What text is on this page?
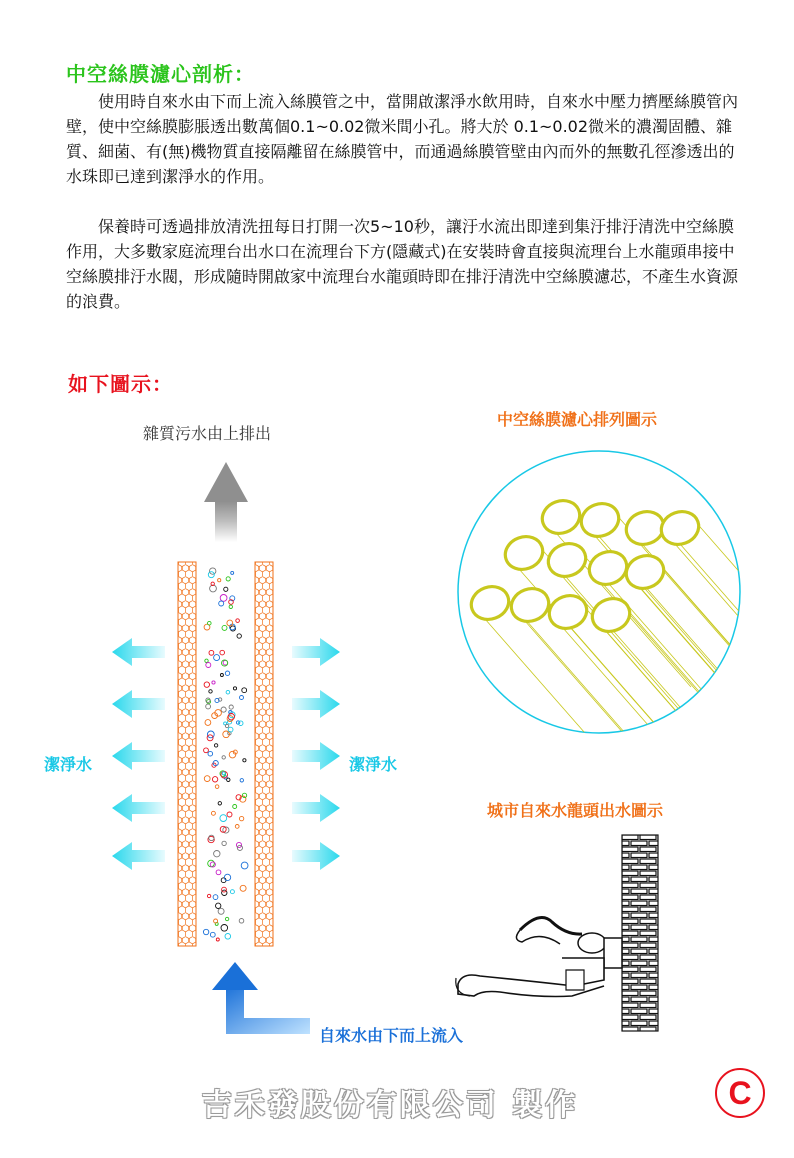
中空絲膜濾心剖析：

　　使用時自來水由下而上流入絲膜管之中，當開啟潔淨水飲用時，自來水中壓力擠壓絲膜管內壁，使中空絲膜膨脹透出數萬個0.1~0.02微米間小孔。將大於 0.1~0.02微米的濃濁固體、雜質、細菌、有(無)機物質直接隔離留在絲膜管中，而通過絲膜管壁由內而外的無數孔徑滲透出的水珠即已達到潔淨水的作用。

　　保養時可透過排放清洗扭每日打開一次5~10秒，讓汙水流出即達到集汙排汙清洗中空絲膜作用，大多數家庭流理台出水口在流理台下方(隱藏式)在安裝時會直接與流理台上水龍頭串接中空絲膜排汙水閥，形成隨時開啟家中流理台水龍頭時即在排汙清洗中空絲膜濾芯，不產生水資源的浪費。

如下圖示：
雜質污水由上排出
中空絲膜濾心排列圖示
潔淨水	潔淨水
城市自來水龍頭出水圖示
自來水由下而上流入
吉禾發股份有限公司 製作	C
